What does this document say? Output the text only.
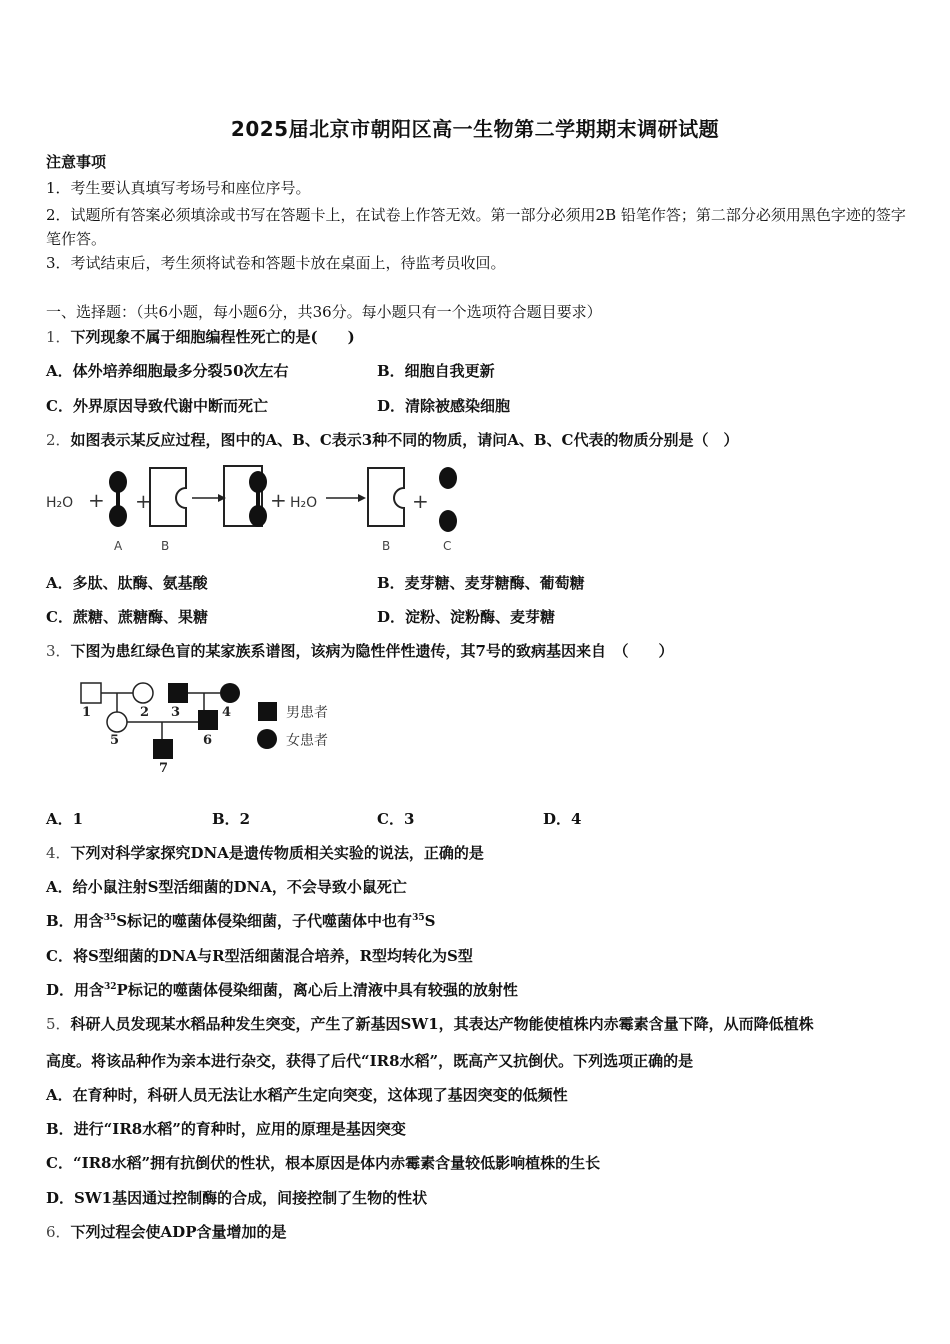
2025届北京市朝阳区高一生物第二学期期末调研试题
注意事项
1．考生要认真填写考场号和座位序号。
2．试题所有答案必须填涂或书写在答题卡上，在试卷上作答无效。第一部分必须用2B 铅笔作答；第二部分必须用黑色字迹的签字笔作答。
3．考试结束后，考生须将试卷和答题卡放在桌面上，待监考员收回。
一、选择题：（共6小题，每小题6分，共36分。每小题只有一个选项符合题目要求）
1．下列现象不属于细胞编程性死亡的是(　　)
A．体外培养细胞最多分裂50次左右	B．细胞自我更新
C．外界原因导致代谢中断而死亡	D．清除被感染细胞
2．如图表示某反应过程，图中的A、B、C表示3种不同的物质，请问A、B、C代表的物质分别是（　）
H₂O + +	+ H₂O	+
A	B	B	C
A．多肽、肽酶、氨基酸	B．麦芽糖、麦芽糖酶、葡萄糖
C．蔗糖、蔗糖酶、果糖	D．淀粉、淀粉酶、麦芽糖
3．下图为患红绿色盲的某家族系谱图，该病为隐性伴性遗传，其7号的致病基因来自　（　　）
1	2 3	4
5	6
7
男患者
女患者
A．1	B．2	C．3	D．4
4．下列对科学家探究DNA是遗传物质相关实验的说法，正确的是
A．给小鼠注射S型活细菌的DNA，不会导致小鼠死亡
B．用含$^{35}$S标记的噬菌体侵染细菌，子代噬菌体中也有$^{35}$S
C．将S型细菌的DNA与R型活细菌混合培养，R型均转化为S型
D．用含$^{32}$P标记的噬菌体侵染细菌，离心后上清液中具有较强的放射性
5．科研人员发现某水稻品种发生突变，产生了新基因SW1，其表达产物能使植株内赤霉素含量下降，从而降低植株
高度。将该品种作为亲本进行杂交，获得了后代“IR8水稻”，既高产又抗倒伏。下列选项正确的是
A．在育种时，科研人员无法让水稻产生定向突变，这体现了基因突变的低频性
B．进行“IR8水稻”的育种时，应用的原理是基因突变
C．“IR8水稻”拥有抗倒伏的性状，根本原因是体内赤霉素含量较低影响植株的生长
D．SW1基因通过控制酶的合成，间接控制了生物的性状
6．下列过程会使ADP含量增加的是
